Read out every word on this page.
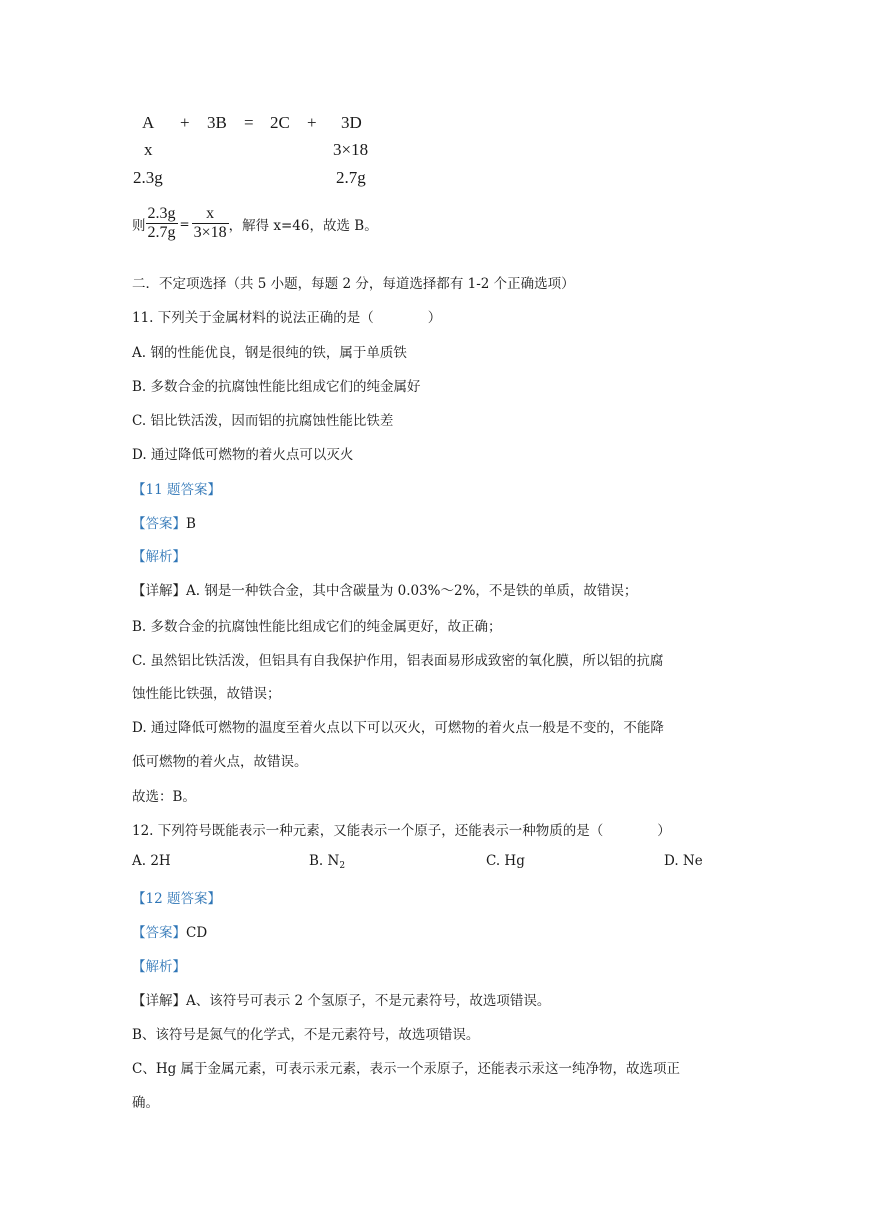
A + 3B = 2C + 3D
x	3×18
2.3g	2.7g
则 $\frac{2.3g}{2.7g} = \frac{x}{3\times 18}$ ，解得 x=46，故选 B。
二．不定项选择（共 5 小题，每题 2 分，每道选择都有 1-2 个正确选项）
11. 下列关于金属材料的说法正确的是（　　　　）
A. 钢的性能优良，钢是很纯的铁，属于单质铁
B. 多数合金的抗腐蚀性能比组成它们的纯金属好
C. 铝比铁活泼，因而铝的抗腐蚀性能比铁差
D. 通过降低可燃物的着火点可以灭火
【11 题答案】
【答案】B
【解析】
【详解】A. 钢是一种铁合金，其中含碳量为 0.03%～2%，不是铁的单质，故错误；
B. 多数合金的抗腐蚀性能比组成它们的纯金属更好，故正确；
C. 虽然铝比铁活泼，但铝具有自我保护作用，铝表面易形成致密的氧化膜，所以铝的抗腐
蚀性能比铁强，故错误；
D. 通过降低可燃物的温度至着火点以下可以灭火，可燃物的着火点一般是不变的，不能降
低可燃物的着火点，故错误。
故选：B。
12. 下列符号既能表示一种元素，又能表示一个原子，还能表示一种物质的是（　　　　）
A. 2H	B. $N_2$	C. Hg	D. Ne
【12 题答案】
【答案】CD
【解析】
【详解】A、该符号可表示 2 个氢原子，不是元素符号，故选项错误。
B、该符号是氮气的化学式，不是元素符号，故选项错误。
C、Hg 属于金属元素，可表示汞元素，表示一个汞原子，还能表示汞这一纯净物，故选项正
确。
